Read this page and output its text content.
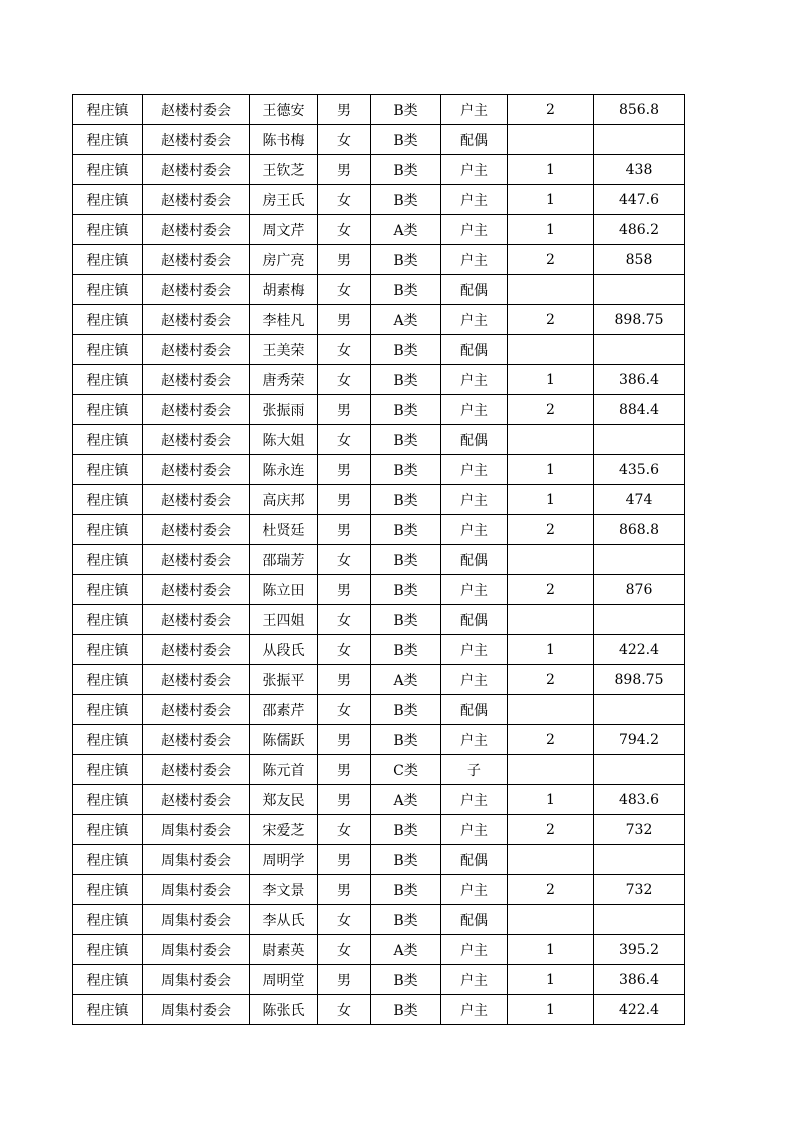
程庄镇	赵楼村委会	王德安	男	B类	户主	2	856.8
程庄镇	赵楼村委会	陈书梅	女	B类	配偶		
程庄镇	赵楼村委会	王钦芝	男	B类	户主	1	438
程庄镇	赵楼村委会	房王氏	女	B类	户主	1	447.6
程庄镇	赵楼村委会	周文芹	女	A类	户主	1	486.2
程庄镇	赵楼村委会	房广亮	男	B类	户主	2	858
程庄镇	赵楼村委会	胡素梅	女	B类	配偶		
程庄镇	赵楼村委会	李桂凡	男	A类	户主	2	898.75
程庄镇	赵楼村委会	王美荣	女	B类	配偶		
程庄镇	赵楼村委会	唐秀荣	女	B类	户主	1	386.4
程庄镇	赵楼村委会	张振雨	男	B类	户主	2	884.4
程庄镇	赵楼村委会	陈大姐	女	B类	配偶		
程庄镇	赵楼村委会	陈永连	男	B类	户主	1	435.6
程庄镇	赵楼村委会	高庆邦	男	B类	户主	1	474
程庄镇	赵楼村委会	杜贤廷	男	B类	户主	2	868.8
程庄镇	赵楼村委会	邵瑞芳	女	B类	配偶		
程庄镇	赵楼村委会	陈立田	男	B类	户主	2	876
程庄镇	赵楼村委会	王四姐	女	B类	配偶		
程庄镇	赵楼村委会	从段氏	女	B类	户主	1	422.4
程庄镇	赵楼村委会	张振平	男	A类	户主	2	898.75
程庄镇	赵楼村委会	邵素芹	女	B类	配偶		
程庄镇	赵楼村委会	陈儒跃	男	B类	户主	2	794.2
程庄镇	赵楼村委会	陈元首	男	C类	子		
程庄镇	赵楼村委会	郑友民	男	A类	户主	1	483.6
程庄镇	周集村委会	宋爱芝	女	B类	户主	2	732
程庄镇	周集村委会	周明学	男	B类	配偶		
程庄镇	周集村委会	李文景	男	B类	户主	2	732
程庄镇	周集村委会	李从氏	女	B类	配偶		
程庄镇	周集村委会	尉素英	女	A类	户主	1	395.2
程庄镇	周集村委会	周明堂	男	B类	户主	1	386.4
程庄镇	周集村委会	陈张氏	女	B类	户主	1	422.4
